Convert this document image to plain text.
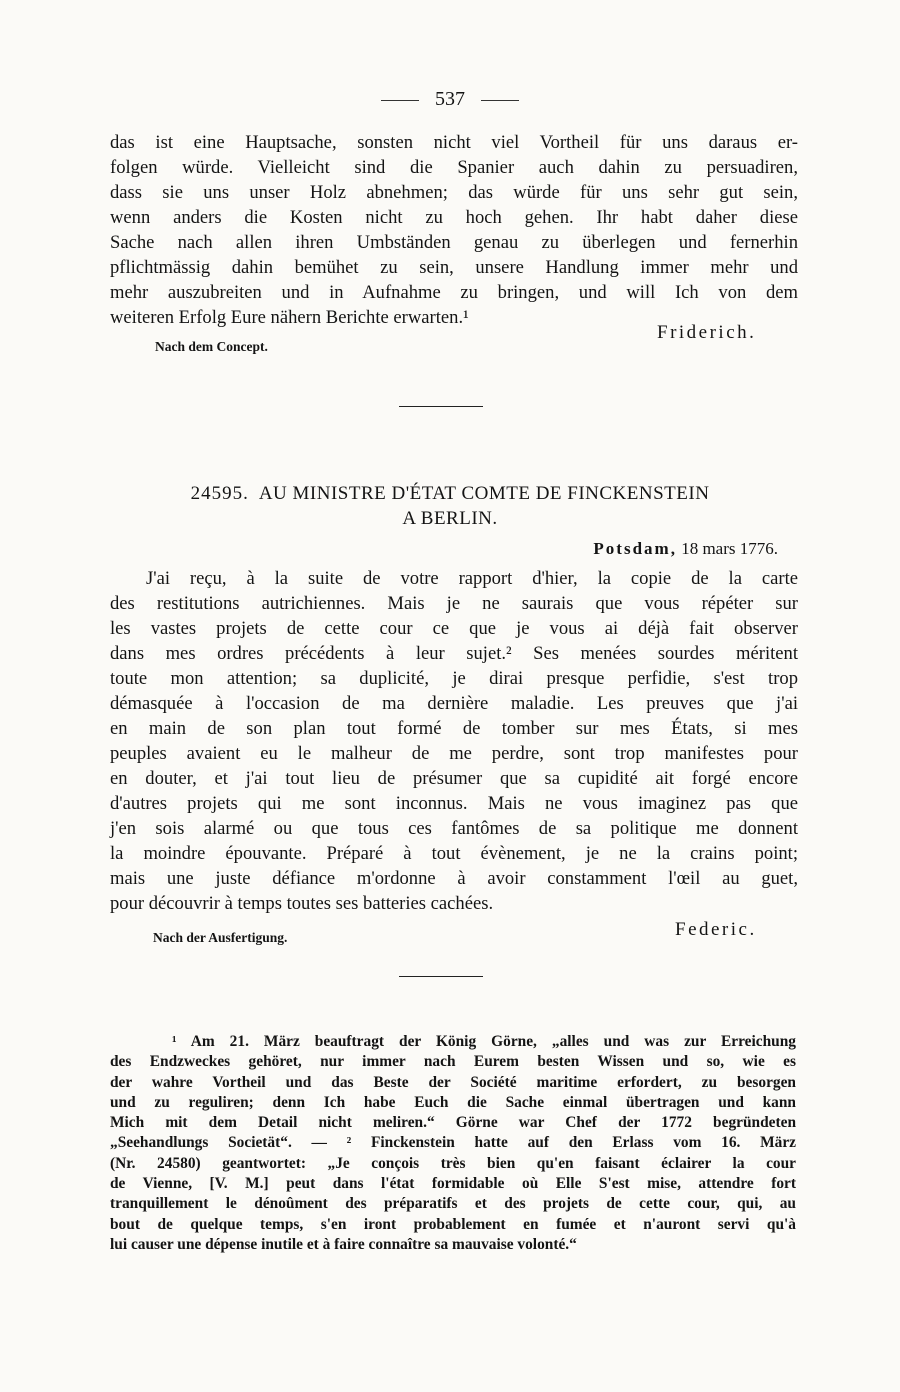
537
das ist eine Hauptsache, sonsten nicht viel Vortheil für uns daraus er-
folgen würde. Vielleicht sind die Spanier auch dahin zu persuadiren,
dass sie uns unser Holz abnehmen; das würde für uns sehr gut sein,
wenn anders die Kosten nicht zu hoch gehen. Ihr habt daher diese
Sache nach allen ihren Umbständen genau zu überlegen und fernerhin
pflichtmässig dahin bemühet zu sein, unsere Handlung immer mehr und
mehr auszubreiten und in Aufnahme zu bringen, und will Ich von dem
weiteren Erfolg Eure nähern Berichte erwarten.¹
Friderich.
Nach dem Concept.
24595. AU MINISTRE D'ÉTAT COMTE DE FINCKENSTEIN
A BERLIN.
Potsdam, 18 mars 1776.
J'ai reçu, à la suite de votre rapport d'hier, la copie de la carte
des restitutions autrichiennes. Mais je ne saurais que vous répéter sur
les vastes projets de cette cour ce que je vous ai déjà fait observer
dans mes ordres précédents à leur sujet.² Ses menées sourdes méritent
toute mon attention; sa duplicité, je dirai presque perfidie, s'est trop
démasquée à l'occasion de ma dernière maladie. Les preuves que j'ai
en main de son plan tout formé de tomber sur mes États, si mes
peuples avaient eu le malheur de me perdre, sont trop manifestes pour
en douter, et j'ai tout lieu de présumer que sa cupidité ait forgé encore
d'autres projets qui me sont inconnus. Mais ne vous imaginez pas que
j'en sois alarmé ou que tous ces fantômes de sa politique me donnent
la moindre épouvante. Préparé à tout évènement, je ne la crains point;
mais une juste défiance m'ordonne à avoir constamment l'œil au guet,
pour découvrir à temps toutes ses batteries cachées.
Nach der Ausfertigung.	Federic.
¹ Am 21. März beauftragt der König Görne, „alles und was zur Erreichung
des Endzweckes gehöret, nur immer nach Eurem besten Wissen und so, wie es
der wahre Vortheil und das Beste der Société maritime erfordert, zu besorgen
und zu reguliren; denn Ich habe Euch die Sache einmal übertragen und kann
Mich mit dem Detail nicht meliren.“ Görne war Chef der 1772 begründeten
„Seehandlungs Societät“. — ² Finckenstein hatte auf den Erlass vom 16. März
(Nr. 24580) geantwortet: „Je conçois très bien qu'en faisant éclairer la cour
de Vienne, [V. M.] peut dans l'état formidable où Elle S'est mise, attendre fort
tranquillement le dénoûment des préparatifs et des projets de cette cour, qui, au
bout de quelque temps, s'en iront probablement en fumée et n'auront servi qu'à
lui causer une dépense inutile et à faire connaître sa mauvaise volonté.“
